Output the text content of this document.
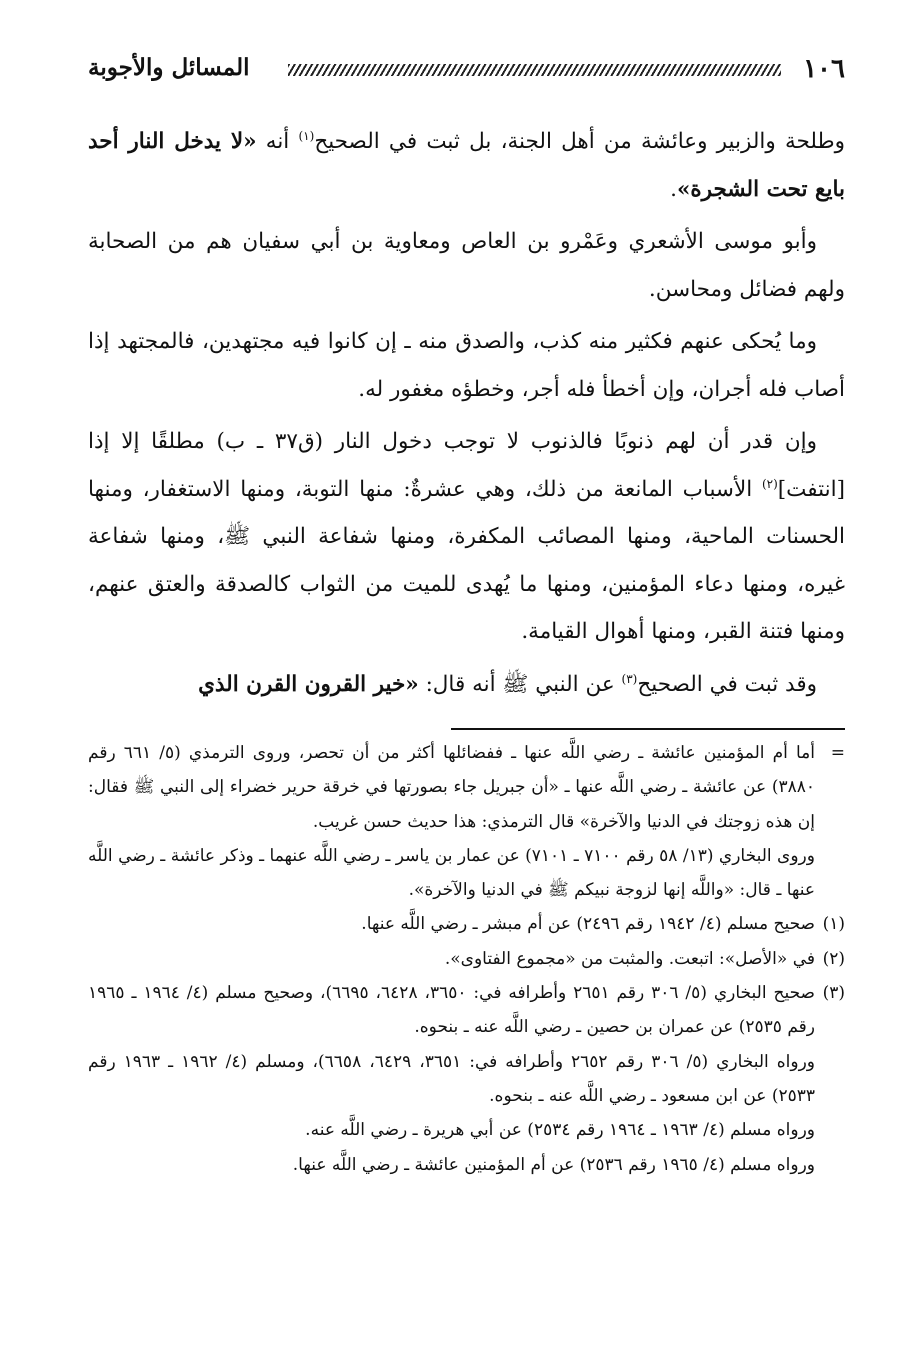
١٠٦
المسائل والأجوبة

وطلحة والزبير وعائشة من أهل الجنة، بل ثبت في الصحيح$^{(١)}$ أنه «لا يدخل النار أحد بايع تحت الشجرة».

وأبو موسى الأشعري وعَمْرو بن العاص ومعاوية بن أبي سفيان هم من الصحابة ولهم فضائل ومحاسن.

وما يُحكى عنهم فكثير منه كذب، والصدق منه ـ إن كانوا فيه مجتهدين، فالمجتهد إذا أصاب فله أجران، وإن أخطأ فله أجر، وخطؤه مغفور له.

وإن قدر أن لهم ذنوبًا فالذنوب لا توجب دخول النار (ق٣٧ ـ ب) مطلقًا إلا إذا [انتفت]$^{(٢)}$ الأسباب المانعة من ذلك، وهي عشرةٌ: منها التوبة، ومنها الاستغفار، ومنها الحسنات الماحية، ومنها المصائب المكفرة، ومنها شفاعة النبي ﷺ، ومنها شفاعة غيره، ومنها دعاء المؤمنين، ومنها ما يُهدى للميت من الثواب كالصدقة والعتق عنهم، ومنها فتنة القبر، ومنها أهوال القيامة.

وقد ثبت في الصحيح$^{(٣)}$ عن النبي ﷺ أنه قال: «خير القرون القرن الذي

=
أما أم المؤمنين عائشة ـ رضي اللَّه عنها ـ ففضائلها أكثر من أن تحصر، وروى الترمذي (٥/ ٦٦١ رقم ٣٨٨٠) عن عائشة ـ رضي اللَّه عنها ـ «أن جبريل جاء بصورتها في خرقة حرير خضراء إلى النبي ﷺ فقال: إن هذه زوجتك في الدنيا والآخرة» قال الترمذي: هذا حديث حسن غريب.

وروى البخاري (١٣/ ٥٨ رقم ٧١٠٠ ـ ٧١٠١) عن عمار بن ياسر ـ رضي اللَّه عنهما ـ وذكر عائشة ـ رضي اللَّه عنها ـ قال: «واللَّه إنها لزوجة نبيكم ﷺ في الدنيا والآخرة».

(١)
صحيح مسلم (٤/ ١٩٤٢ رقم ٢٤٩٦) عن أم مبشر ـ رضي اللَّه عنها.

(٢)
في «الأصل»: اتبعت. والمثبت من «مجموع الفتاوى».

(٣)
صحيح البخاري (٥/ ٣٠٦ رقم ٢٦٥١ وأطرافه في: ٣٦٥٠، ٦٤٢٨، ٦٦٩٥)، وصحيح مسلم (٤/ ١٩٦٤ ـ ١٩٦٥ رقم ٢٥٣٥) عن عمران بن حصين ـ رضي اللَّه عنه ـ بنحوه.

ورواه البخاري (٥/ ٣٠٦ رقم ٢٦٥٢ وأطرافه في: ٣٦٥١، ٦٤٢٩، ٦٦٥٨)، ومسلم (٤/ ١٩٦٢ ـ ١٩٦٣ رقم ٢٥٣٣) عن ابن مسعود ـ رضي اللَّه عنه ـ بنحوه.

ورواه مسلم (٤/ ١٩٦٣ ـ ١٩٦٤ رقم ٢٥٣٤) عن أبي هريرة ـ رضي اللَّه عنه.

ورواه مسلم (٤/ ١٩٦٥ رقم ٢٥٣٦) عن أم المؤمنين عائشة ـ رضي اللَّه عنها.
